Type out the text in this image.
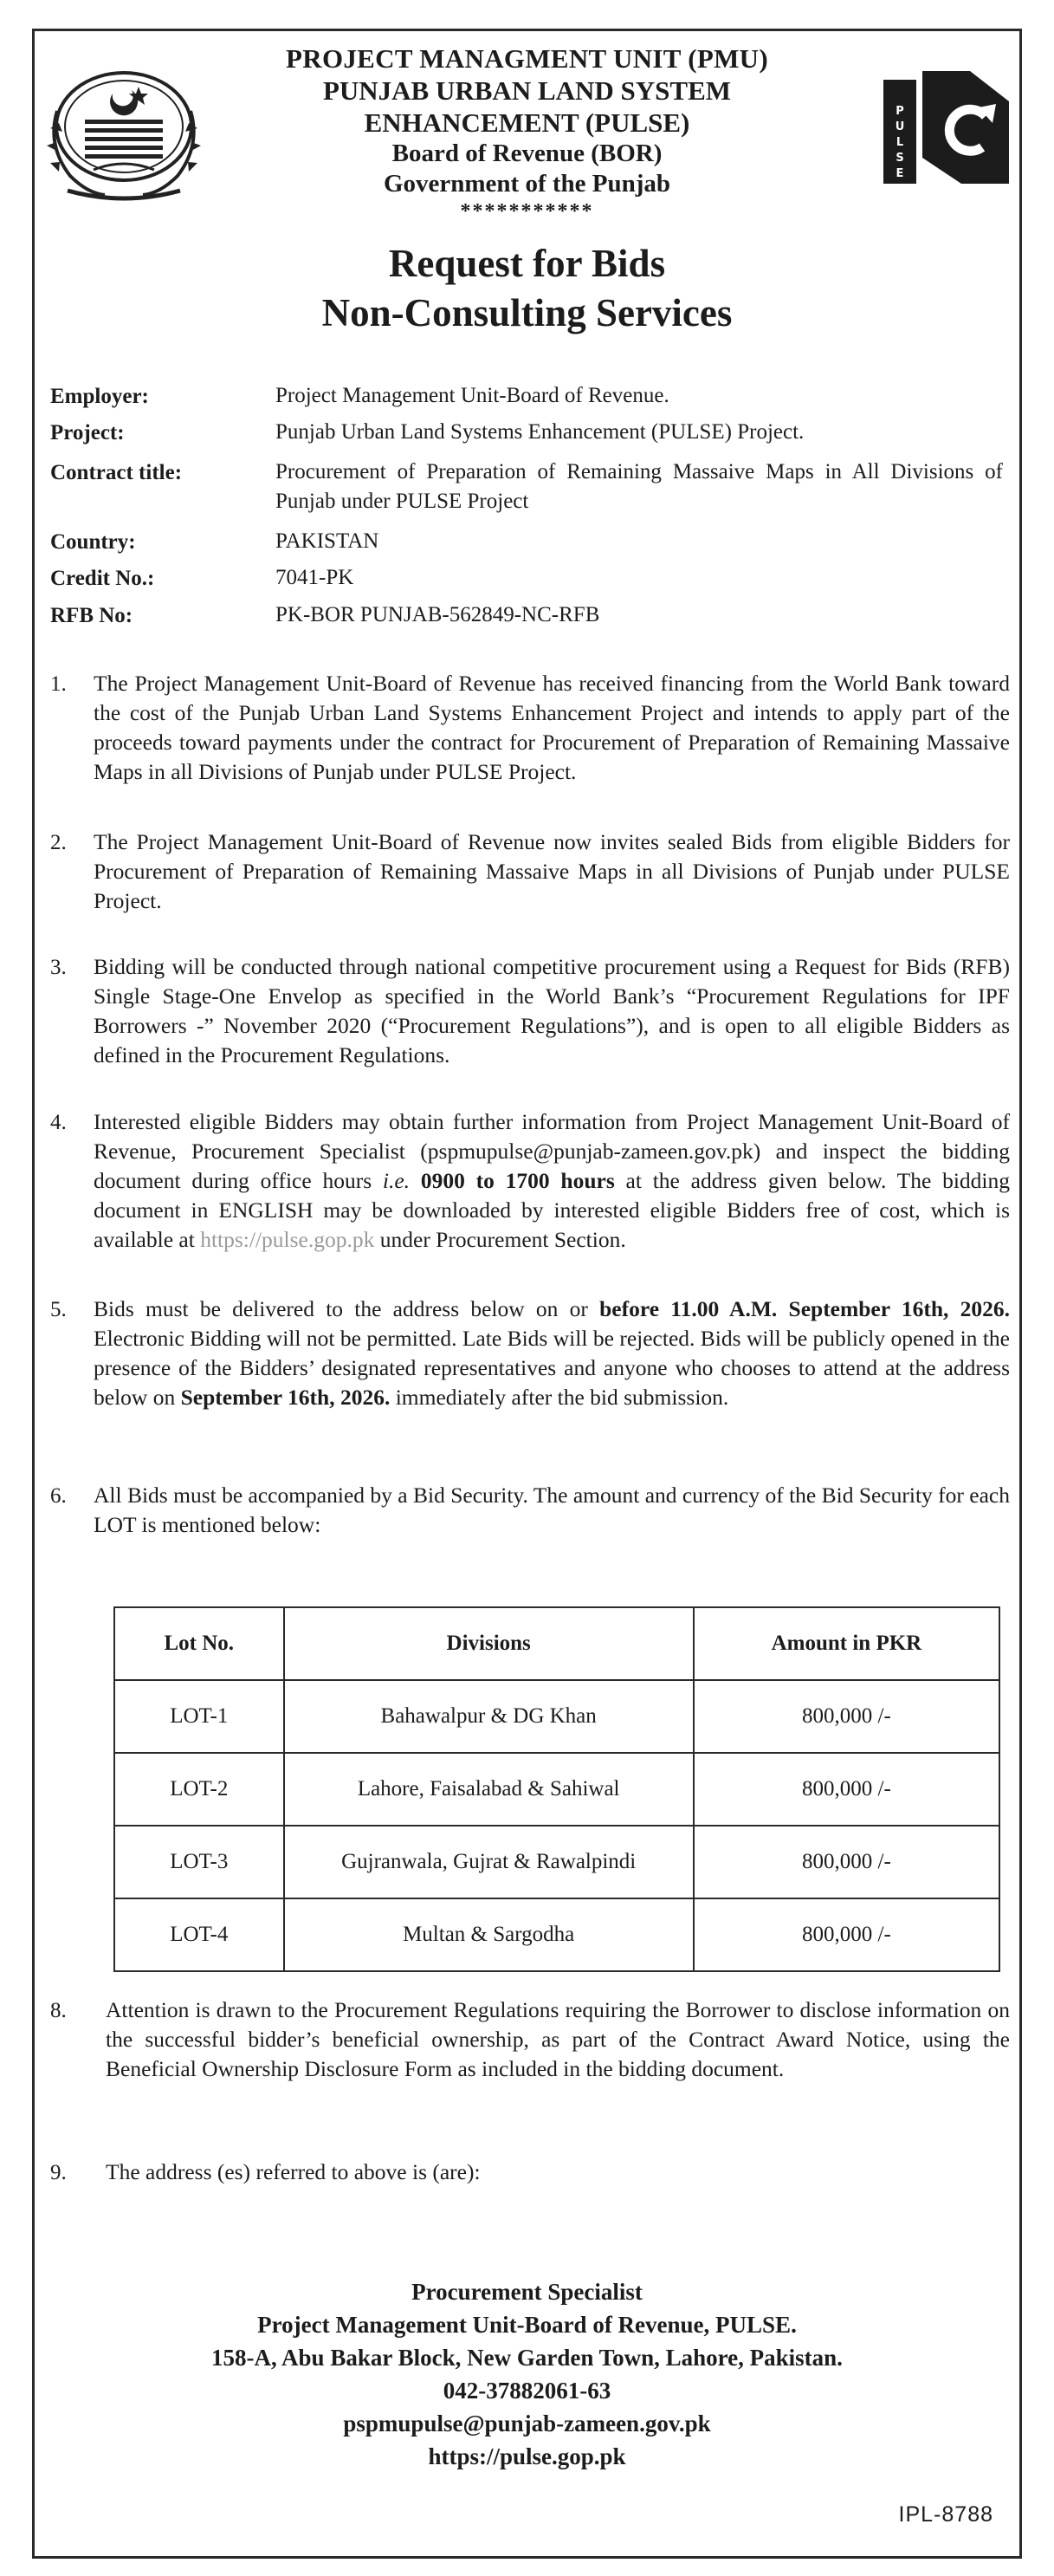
P
U
L
S
E
PROJECT MANAGMENT UNIT (PMU)
PUNJAB URBAN LAND SYSTEM
ENHANCEMENT (PULSE)
Board of Revenue (BOR)
Government of the Punjab
***********
Request for Bids
Non-Consulting Services
Employer:	Project Management Unit-Board of Revenue.
Project:	Punjab Urban Land Systems Enhancement (PULSE) Project.
Contract title:	Procurement of Preparation of Remaining Massaive Maps in All Divisions of Punjab under PULSE Project
Country:	PAKISTAN
Credit No.:	7041-PK
RFB No:	PK-BOR PUNJAB-562849-NC-RFB
1. The Project Management Unit-Board of Revenue has received financing from the World Bank toward the cost of the Punjab Urban Land Systems Enhancement Project and intends to apply part of the proceeds toward payments under the contract for Procurement of Preparation of Remaining Massaive Maps in all Divisions of Punjab under PULSE Project.
2. The Project Management Unit-Board of Revenue now invites sealed Bids from eligible Bidders for Procurement of Preparation of Remaining Massaive Maps in all Divisions of Punjab under PULSE Project.
3. Bidding will be conducted through national competitive procurement using a Request for Bids (RFB) Single Stage-One Envelop as specified in the World Bank’s “Procurement Regulations for IPF Borrowers -” November 2020 (“Procurement Regulations”), and is open to all eligible Bidders as defined in the Procurement Regulations.
4. Interested eligible Bidders may obtain further information from Project Management Unit-Board of Revenue, Procurement Specialist (pspmupulse@punjab-zameen.gov.pk) and inspect the bidding document during office hours i.e. 0900 to 1700 hours at the address given below. The bidding document in ENGLISH may be downloaded by interested eligible Bidders free of cost, which is available at https://pulse.gop.pk under Procurement Section.
5. Bids must be delivered to the address below on or before 11.00 A.M. September 16th, 2026. Electronic Bidding will not be permitted. Late Bids will be rejected. Bids will be publicly opened in the presence of the Bidders’ designated representatives and anyone who chooses to attend at the address below on September 16th, 2026. immediately after the bid submission.
6. All Bids must be accompanied by a Bid Security. The amount and currency of the Bid Security for each LOT is mentioned below:
Lot No.	Divisions	Amount in PKR
LOT-1	Bahawalpur & DG Khan	800,000 /-
LOT-2	Lahore, Faisalabad & Sahiwal	800,000 /-
LOT-3	Gujranwala, Gujrat & Rawalpindi	800,000 /-
LOT-4	Multan & Sargodha	800,000 /-
8. Attention is drawn to the Procurement Regulations requiring the Borrower to disclose information on the successful bidder’s beneficial ownership, as part of the Contract Award Notice, using the Beneficial Ownership Disclosure Form as included in the bidding document.
9. The address (es) referred to above is (are):
Procurement Specialist
Project Management Unit-Board of Revenue, PULSE.
158-A, Abu Bakar Block, New Garden Town, Lahore, Pakistan.
042-37882061-63
pspmupulse@punjab-zameen.gov.pk
https://pulse.gop.pk
IPL-8788
